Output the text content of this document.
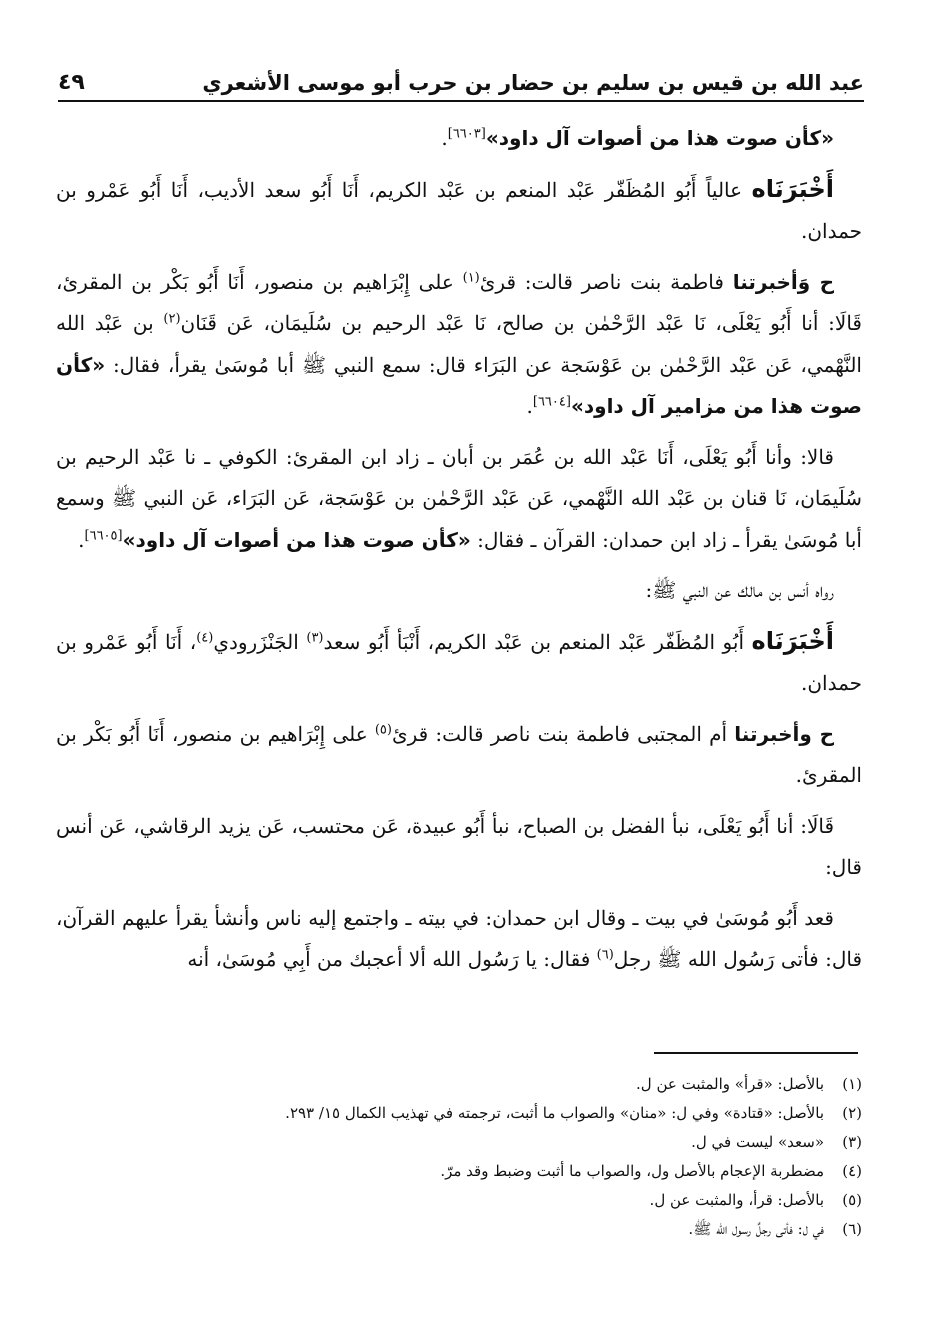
عبد الله بن قيس بن سليم بن حضار بن حرب أبو موسى الأشعري
٤٩

«كأن صوت هذا من أصوات آل داود»[٦٦٠٣].

أَخْبَرَنَاه عالياً أَبُو المُظَفّر عَبْد المنعم بن عَبْد الكريم، أَنَا أَبُو سعد الأديب، أَنَا أَبُو عَمْرو بن حمدان.

ح وَأخبرتنا فاطمة بنت ناصر قالت: قرئ$^{(١)}$ على إِبْرَاهيم بن منصور، أَنَا أَبُو بَكْر بن المقرئ، قَالَا: أنا أَبُو يَعْلَى، نَا عَبْد الرَّحْمٰن بن صالح، نَا عَبْد الرحيم بن سُلَيمَان، عَن قَنَان$^{(٢)}$ بن عَبْد الله النَّهْمي، عَن عَبْد الرَّحْمٰن بن عَوْسَجة عن البَرَاء قال: سمع النبي ﷺ أبا مُوسَىٰ يقرأ، فقال: «كأن صوت هذا من مزامير آل داود»[٦٦٠٤].

قالا: وأنا أَبُو يَعْلَى، أَنَا عَبْد الله بن عُمَر بن أبان ـ زاد ابن المقرئ: الكوفي ـ نا عَبْد الرحيم بن سُلَيمَان، نَا قنان بن عَبْد الله النَّهْمي، عَن عَبْد الرَّحْمٰن بن عَوْسَجة، عَن البَرَاء، عَن النبي ﷺ وسمع أبا مُوسَىٰ يقرأ ـ زاد ابن حمدان: القرآن ـ فقال: «كأن صوت هذا من أصوات آل داود»[٦٦٠٥].

رواه أنس بن مالك عن النبي ﷺ:

أَخْبَرَنَاه أَبُو المُظَفّر عَبْد المنعم بن عَبْد الكريم، أَنْبَأ أَبُو سعد$^{(٣)}$ الجَنْزَرودي$^{(٤)}$، أَنَا أَبُو عَمْرو بن حمدان.

ح وأخبرتنا أم المجتبى فاطمة بنت ناصر قالت: قرئ$^{(٥)}$ على إِبْرَاهيم بن منصور، أَنَا أَبُو بَكْر بن المقرئ.

قَالَا: أنا أَبُو يَعْلَى، نبأ الفضل بن الصباح، نبأ أَبُو عبيدة، عَن محتسب، عَن يزيد الرقاشي، عَن أنس قال:

قعد أَبُو مُوسَىٰ في بيت ـ وقال ابن حمدان: في بيته ـ واجتمع إليه ناس وأنشأ يقرأ عليهم القرآن، قال: فأتى رَسُول الله ﷺ رجل$^{(٦)}$ فقال: يا رَسُول الله ألا أعجبك من أَبِي مُوسَىٰ، أنه

(١)
بالأصل: «قرأ» والمثبت عن ل.

(٢)
بالأصل: «قتادة» وفي ل: «منان» والصواب ما أثبت، ترجمته في تهذيب الكمال ١٥/ ٢٩٣.

(٣)
«سعد» ليست في ل.

(٤)
مضطربة الإعجام بالأصل ول، والصواب ما أثبت وضبط وقد مرّ.

(٥)
بالأصل: قرأ، والمثبت عن ل.

(٦)
في ل: فأتى رجلٌ رسول الله ﷺ.
